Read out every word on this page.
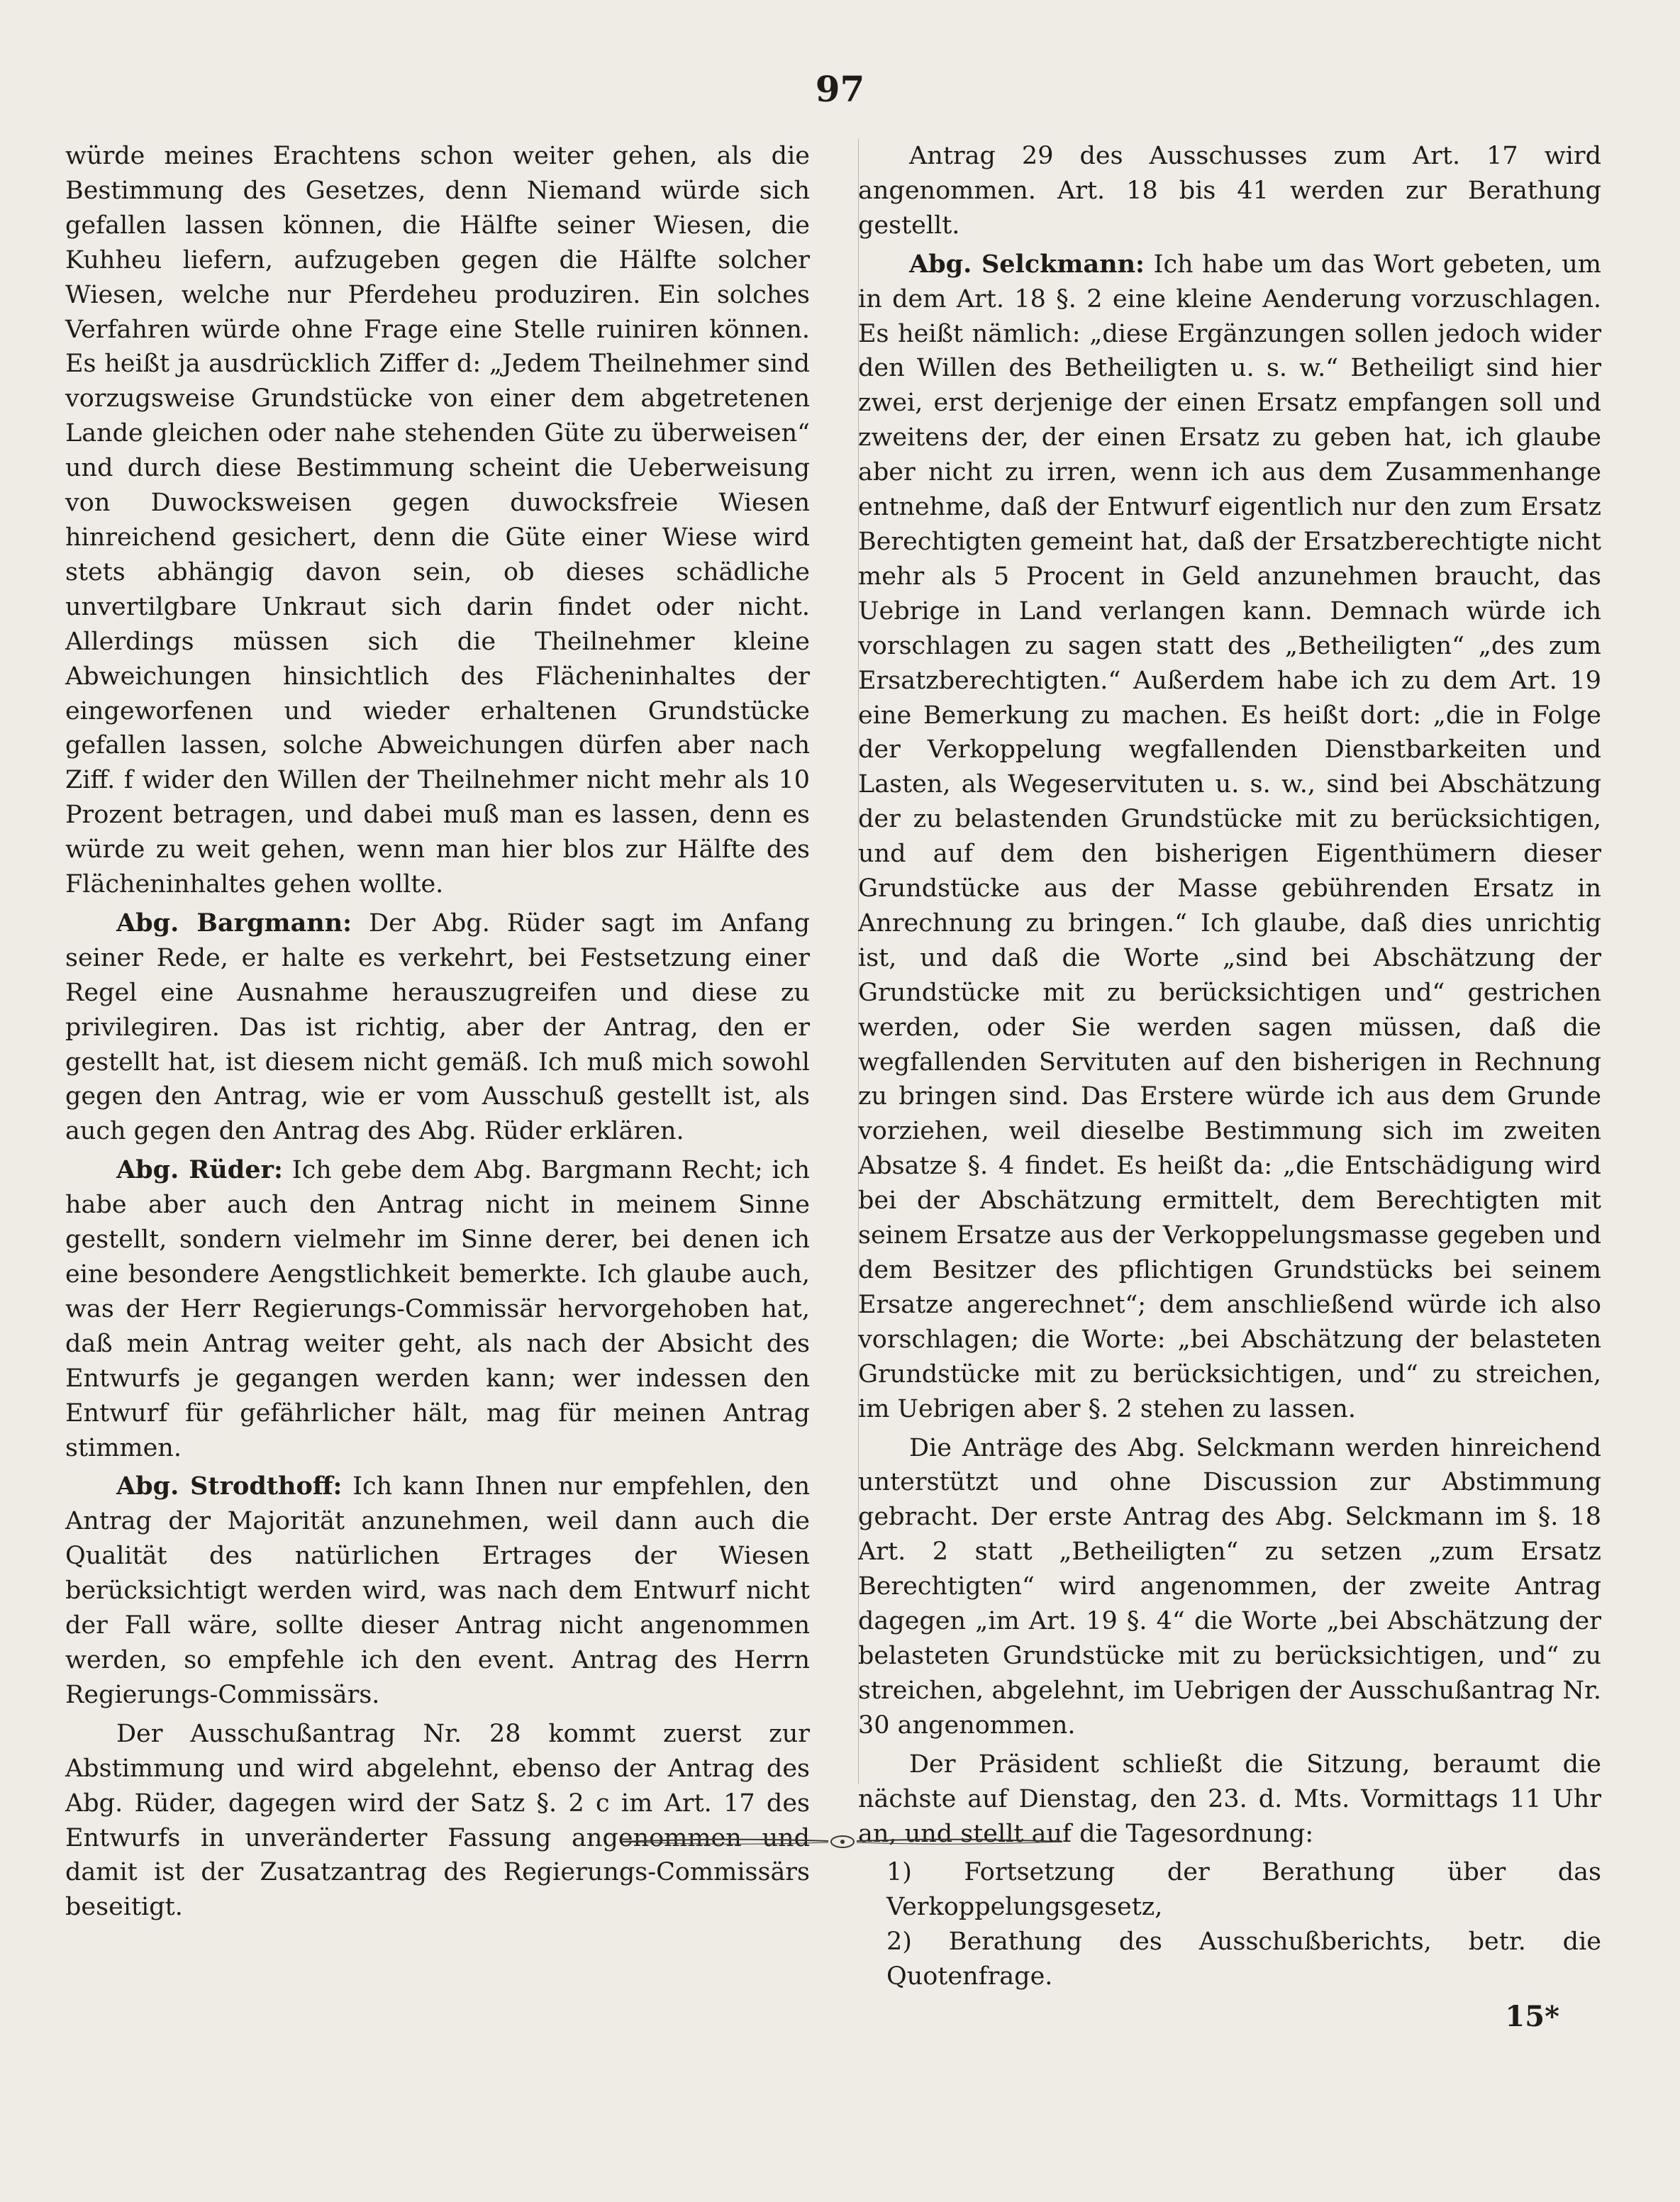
97

würde meines Erachtens schon weiter gehen, als die Bestimmung des Gesetzes, denn Niemand würde sich gefallen lassen können, die Hälfte seiner Wiesen, die Kuhheu liefern, aufzugeben gegen die Hälfte solcher Wiesen, welche nur Pferdeheu produziren. Ein solches Verfahren würde ohne Frage eine Stelle ruiniren können. Es heißt ja ausdrücklich Ziffer d: „Jedem Theilnehmer sind vorzugsweise Grundstücke von einer dem abgetretenen Lande gleichen oder nahe stehenden Güte zu überweisen“ und durch diese Bestimmung scheint die Ueberweisung von Duwocksweisen gegen duwocksfreie Wiesen hinreichend gesichert, denn die Güte einer Wiese wird stets abhängig davon sein, ob dieses schädliche unvertilgbare Unkraut sich darin findet oder nicht. Allerdings müssen sich die Theilnehmer kleine Abweichungen hinsichtlich des Flächeninhaltes der eingeworfenen und wieder erhaltenen Grundstücke gefallen lassen, solche Abweichungen dürfen aber nach Ziff. f wider den Willen der Theilnehmer nicht mehr als 10 Prozent betragen, und dabei muß man es lassen, denn es würde zu weit gehen, wenn man hier blos zur Hälfte des Flächeninhaltes gehen wollte.

Abg. Bargmann: Der Abg. Rüder sagt im Anfang seiner Rede, er halte es verkehrt, bei Festsetzung einer Regel eine Ausnahme herauszugreifen und diese zu privilegiren. Das ist richtig, aber der Antrag, den er gestellt hat, ist diesem nicht gemäß. Ich muß mich sowohl gegen den Antrag, wie er vom Ausschuß gestellt ist, als auch gegen den Antrag des Abg. Rüder erklären.

Abg. Rüder: Ich gebe dem Abg. Bargmann Recht; ich habe aber auch den Antrag nicht in meinem Sinne gestellt, sondern vielmehr im Sinne derer, bei denen ich eine besondere Aengstlichkeit bemerkte. Ich glaube auch, was der Herr Regierungs-Commissär hervorgehoben hat, daß mein Antrag weiter geht, als nach der Absicht des Entwurfs je gegangen werden kann; wer indessen den Entwurf für gefährlicher hält, mag für meinen Antrag stimmen.

Abg. Strodthoff: Ich kann Ihnen nur empfehlen, den Antrag der Majorität anzunehmen, weil dann auch die Qualität des natürlichen Ertrages der Wiesen berücksichtigt werden wird, was nach dem Entwurf nicht der Fall wäre, sollte dieser Antrag nicht angenommen werden, so empfehle ich den event. Antrag des Herrn Regierungs-Commissärs.

Der Ausschußantrag Nr. 28 kommt zuerst zur Abstimmung und wird abgelehnt, ebenso der Antrag des Abg. Rüder, dagegen wird der Satz §. 2 c im Art. 17 des Entwurfs in unveränderter Fassung angenommen und damit ist der Zusatzantrag des Regierungs-Commissärs beseitigt.

Antrag 29 des Ausschusses zum Art. 17 wird angenommen. Art. 18 bis 41 werden zur Berathung gestellt.

Abg. Selckmann: Ich habe um das Wort gebeten, um in dem Art. 18 §. 2 eine kleine Aenderung vorzuschlagen. Es heißt nämlich: „diese Ergänzungen sollen jedoch wider den Willen des Betheiligten u. s. w.“ Betheiligt sind hier zwei, erst derjenige der einen Ersatz empfangen soll und zweitens der, der einen Ersatz zu geben hat, ich glaube aber nicht zu irren, wenn ich aus dem Zusammenhange entnehme, daß der Entwurf eigentlich nur den zum Ersatz Berechtigten gemeint hat, daß der Ersatzberechtigte nicht mehr als 5 Procent in Geld anzunehmen braucht, das Uebrige in Land verlangen kann. Demnach würde ich vorschlagen zu sagen statt des „Betheiligten“ „des zum Ersatzberechtigten.“ Außerdem habe ich zu dem Art. 19 eine Bemerkung zu machen. Es heißt dort: „die in Folge der Verkoppelung wegfallenden Dienstbarkeiten und Lasten, als Wegeservituten u. s. w., sind bei Abschätzung der zu belastenden Grundstücke mit zu berücksichtigen, und auf dem den bisherigen Eigenthümern dieser Grundstücke aus der Masse gebührenden Ersatz in Anrechnung zu bringen.“ Ich glaube, daß dies unrichtig ist, und daß die Worte „sind bei Abschätzung der Grundstücke mit zu berücksichtigen und“ gestrichen werden, oder Sie werden sagen müssen, daß die wegfallenden Servituten auf den bisherigen in Rechnung zu bringen sind. Das Erstere würde ich aus dem Grunde vorziehen, weil dieselbe Bestimmung sich im zweiten Absatze §. 4 findet. Es heißt da: „die Entschädigung wird bei der Abschätzung ermittelt, dem Berechtigten mit seinem Ersatze aus der Verkoppelungsmasse gegeben und dem Besitzer des pflichtigen Grundstücks bei seinem Ersatze angerechnet“; dem anschließend würde ich also vorschlagen; die Worte: „bei Abschätzung der belasteten Grundstücke mit zu berücksichtigen, und“ zu streichen, im Uebrigen aber §. 2 stehen zu lassen.

Die Anträge des Abg. Selckmann werden hinreichend unterstützt und ohne Discussion zur Abstimmung gebracht. Der erste Antrag des Abg. Selckmann im §. 18 Art. 2 statt „Betheiligten“ zu setzen „zum Ersatz Berechtigten“ wird angenommen, der zweite Antrag dagegen „im Art. 19 §. 4“ die Worte „bei Abschätzung der belasteten Grundstücke mit zu berücksichtigen, und“ zu streichen, abgelehnt, im Uebrigen der Ausschußantrag Nr. 30 angenommen.

Der Präsident schließt die Sitzung, beraumt die nächste auf Dienstag, den 23. d. Mts. Vormittags 11 Uhr an, und stellt auf die Tagesordnung:

1) Fortsetzung der Berathung über das Verkoppelungsgesetz,
2) Berathung des Ausschußberichts, betr. die Quotenfrage.

15*
